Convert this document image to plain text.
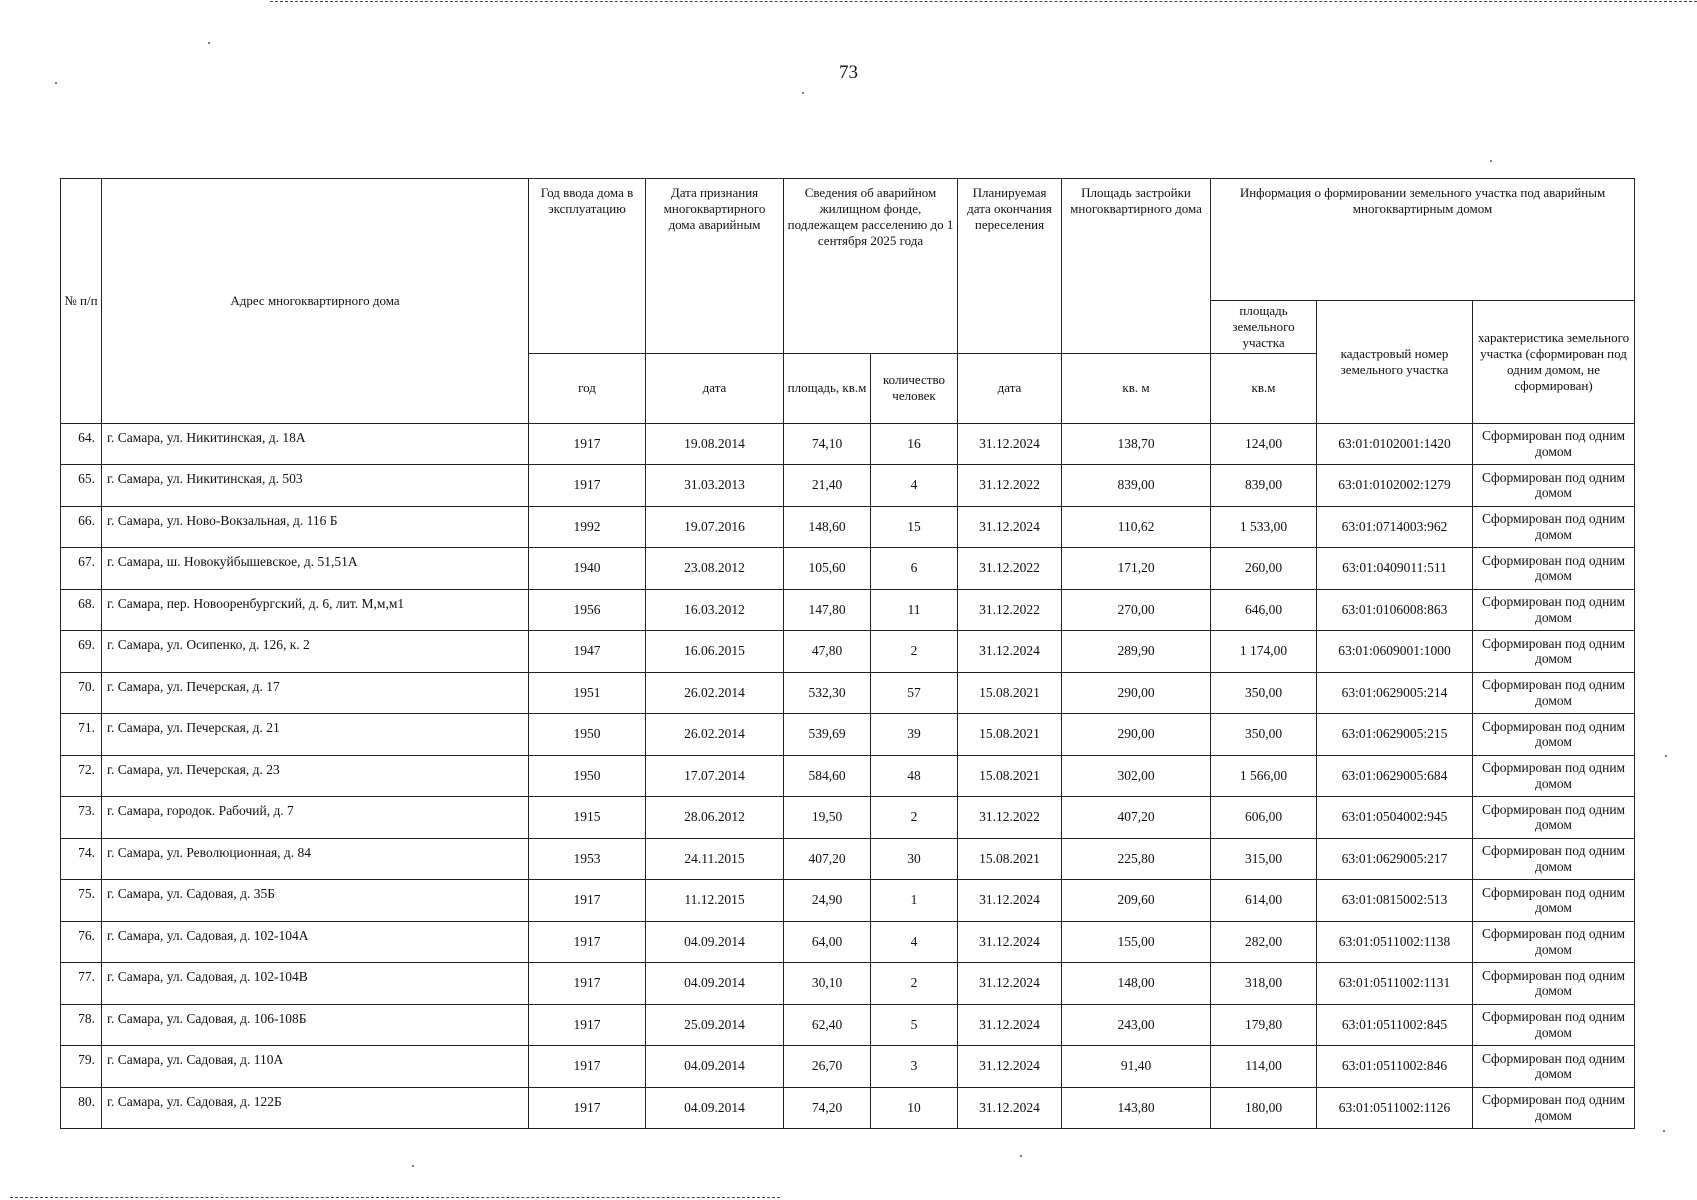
73
№ п/п	Адрес многоквартирного дома	Год ввода дома в эксплуатацию	Дата признания многоквартирного дома аварийным	Сведения об аварийном жилищном фонде, подлежащем расселению до 1 сентября 2025 года		Планируемая дата окончания переселения	Площадь застройки многоквартирного дома	Информация о формировании земельного участка под аварийным многоквартирным домом		
								площадь земельного участка	кадастровый номер земельного участка	характеристика земельного участка (сформирован под одним домом, не сформирован)
		год	дата	площадь, кв.м	количество человек	дата	кв. м	кв.м		
64.	г. Самара, ул. Никитинская, д. 18А	1917	19.08.2014	74,10	16	31.12.2024	138,70	124,00	63:01:0102001:1420	Сформирован под одним домом
65.	г. Самара, ул. Никитинская, д. 503	1917	31.03.2013	21,40	4	31.12.2022	839,00	839,00	63:01:0102002:1279	Сформирован под одним домом
66.	г. Самара, ул. Ново-Вокзальная, д. 116 Б	1992	19.07.2016	148,60	15	31.12.2024	110,62	1 533,00	63:01:0714003:962	Сформирован под одним домом
67.	г. Самара, ш. Новокуйбышевское, д. 51,51А	1940	23.08.2012	105,60	6	31.12.2022	171,20	260,00	63:01:0409011:511	Сформирован под одним домом
68.	г. Самара, пер. Новооренбургский, д. 6, лит. М,м,м1	1956	16.03.2012	147,80	11	31.12.2022	270,00	646,00	63:01:0106008:863	Сформирован под одним домом
69.	г. Самара, ул. Осипенко, д. 126, к. 2	1947	16.06.2015	47,80	2	31.12.2024	289,90	1 174,00	63:01:0609001:1000	Сформирован под одним домом
70.	г. Самара, ул. Печерская, д. 17	1951	26.02.2014	532,30	57	15.08.2021	290,00	350,00	63:01:0629005:214	Сформирован под одним домом
71.	г. Самара, ул. Печерская, д. 21	1950	26.02.2014	539,69	39	15.08.2021	290,00	350,00	63:01:0629005:215	Сформирован под одним домом
72.	г. Самара, ул. Печерская, д. 23	1950	17.07.2014	584,60	48	15.08.2021	302,00	1 566,00	63:01:0629005:684	Сформирован под одним домом
73.	г. Самара, городок. Рабочий, д. 7	1915	28.06.2012	19,50	2	31.12.2022	407,20	606,00	63:01:0504002:945	Сформирован под одним домом
74.	г. Самара, ул. Революционная, д. 84	1953	24.11.2015	407,20	30	15.08.2021	225,80	315,00	63:01:0629005:217	Сформирован под одним домом
75.	г. Самара, ул. Садовая, д. 35Б	1917	11.12.2015	24,90	1	31.12.2024	209,60	614,00	63:01:0815002:513	Сформирован под одним домом
76.	г. Самара, ул. Садовая, д. 102-104А	1917	04.09.2014	64,00	4	31.12.2024	155,00	282,00	63:01:0511002:1138	Сформирован под одним домом
77.	г. Самара, ул. Садовая, д. 102-104В	1917	04.09.2014	30,10	2	31.12.2024	148,00	318,00	63:01:0511002:1131	Сформирован под одним домом
78.	г. Самара, ул. Садовая, д. 106-108Б	1917	25.09.2014	62,40	5	31.12.2024	243,00	179,80	63:01:0511002:845	Сформирован под одним домом
79.	г. Самара, ул. Садовая, д. 110А	1917	04.09.2014	26,70	3	31.12.2024	91,40	114,00	63:01:0511002:846	Сформирован под одним домом
80.	г. Самара, ул. Садовая, д. 122Б	1917	04.09.2014	74,20	10	31.12.2024	143,80	180,00	63:01:0511002:1126	Сформирован под одним домом
